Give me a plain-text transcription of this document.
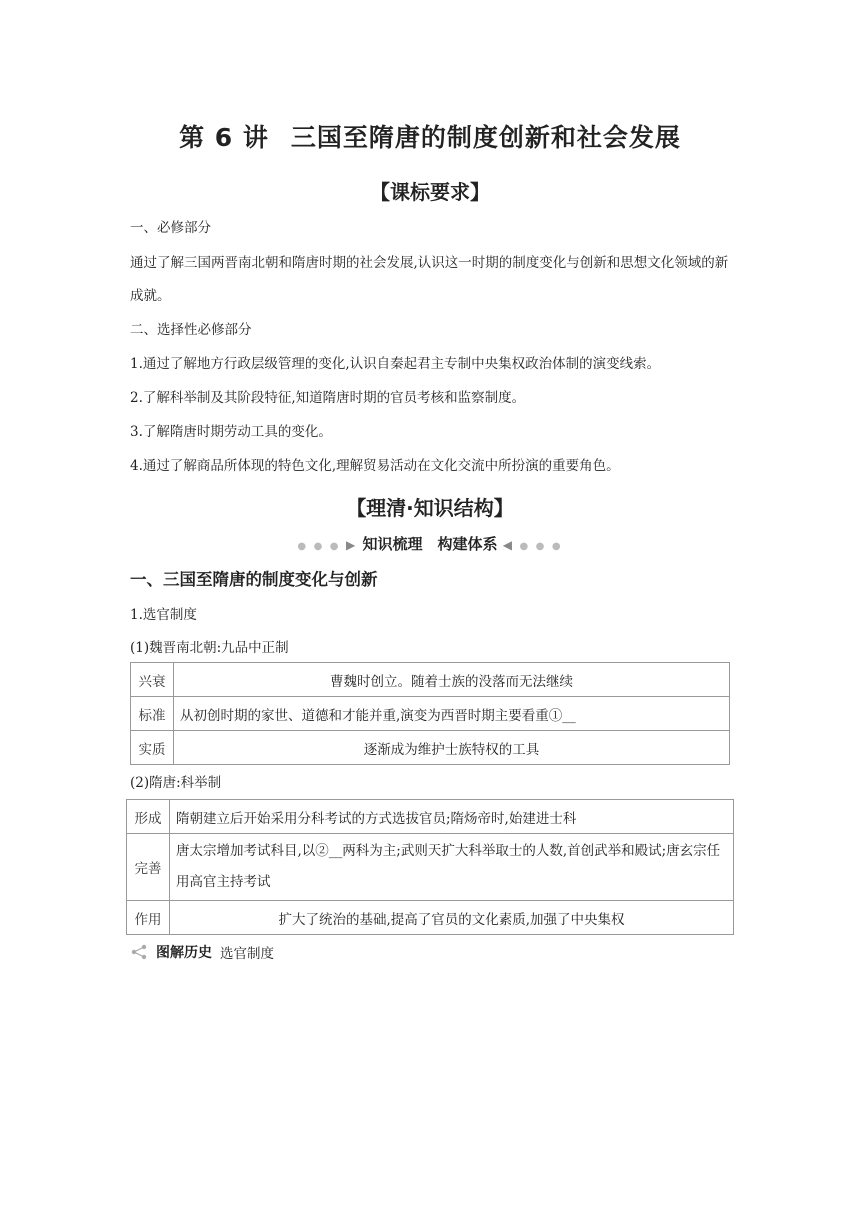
第 6 讲 三国至隋唐的制度创新和社会发展
【课标要求】
一、必修部分
通过了解三国两晋南北朝和隋唐时期的社会发展,认识这一时期的制度变化与创新和思想文化领域的新成就。
二、选择性必修部分
1.通过了解地方行政层级管理的变化,认识自秦起君主专制中央集权政治体制的演变线索。
2.了解科举制及其阶段特征,知道隋唐时期的官员考核和监察制度。
3.了解隋唐时期劳动工具的变化。
4.通过了解商品所体现的特色文化,理解贸易活动在文化交流中所扮演的重要角色。
【理清·知识结构】
● ● ● ▶ 知识梳理　构建体系 ◀ ● ● ●
一、三国至隋唐的制度变化与创新
1.选官制度
(1)魏晋南北朝:九品中正制
兴衰	曹魏时创立。随着士族的没落而无法继续
标准	从初创时期的家世、道德和才能并重,演变为西晋时期主要看重①__
实质	逐渐成为维护士族特权的工具
(2)隋唐:科举制
形成	隋朝建立后开始采用分科考试的方式选拔官员;隋炀帝时,始建进士科
完善	唐太宗增加考试科目,以②__两科为主;武则天扩大科举取士的人数,首创武举和殿试;唐玄宗任用高官主持考试
作用	扩大了统治的基础,提高了官员的文化素质,加强了中央集权
图解历史 选官制度
